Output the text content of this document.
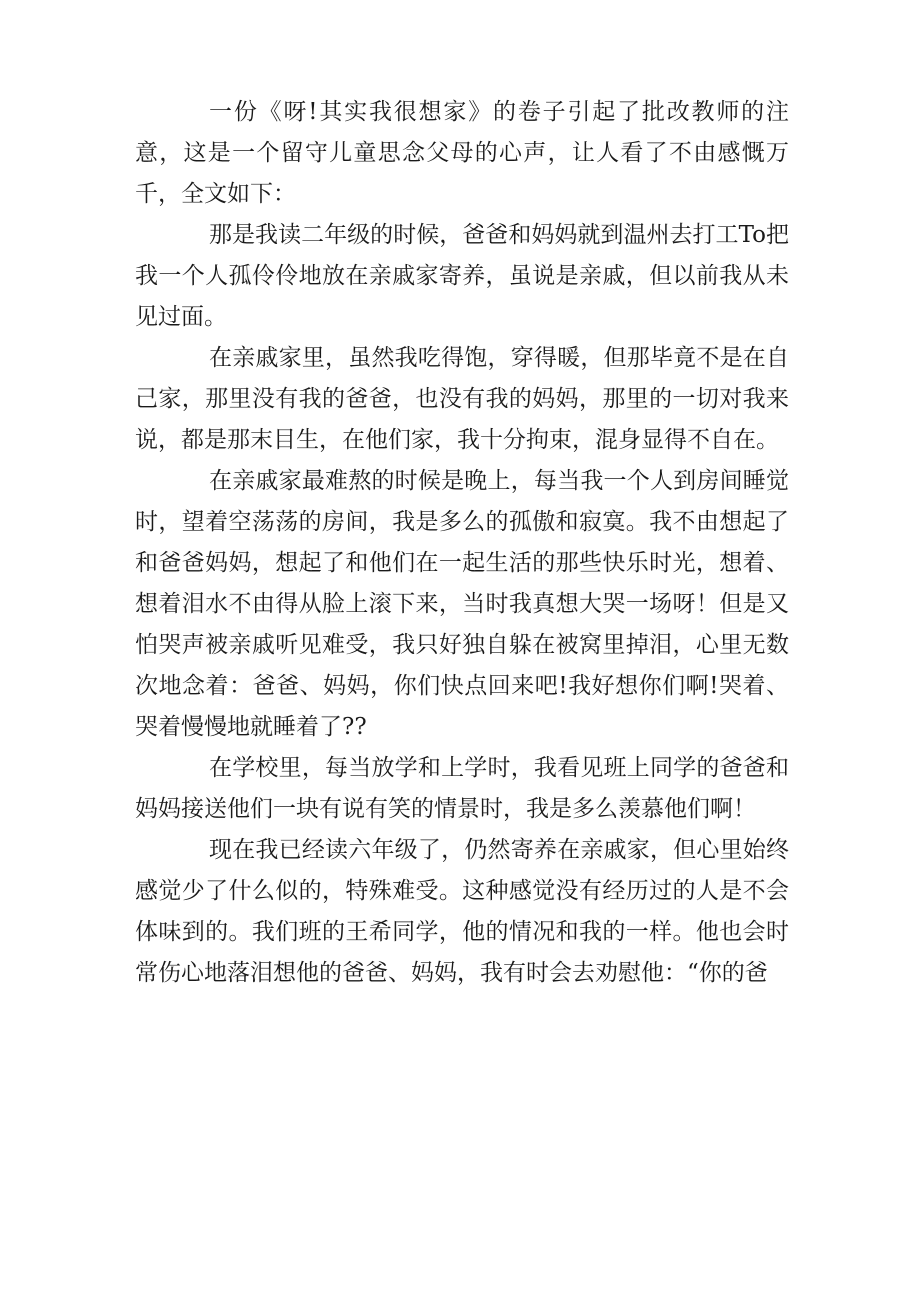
一份《呀!其实我很想家》的卷子引起了批改教师的注意，这是一个留守儿童思念父母的心声，让人看了不由感慨万千，全文如下：

那是我读二年级的时候，爸爸和妈妈就到温州去打工To把我一个人孤伶伶地放在亲戚家寄养，虽说是亲戚，但以前我从未见过面。

在亲戚家里，虽然我吃得饱，穿得暖，但那毕竟不是在自己家，那里没有我的爸爸，也没有我的妈妈，那里的一切对我来说，都是那末目生，在他们家，我十分拘束，混身显得不自在。

在亲戚家最难熬的时候是晚上，每当我一个人到房间睡觉时，望着空荡荡的房间，我是多么的孤傲和寂寞。我不由想起了和爸爸妈妈，想起了和他们在一起生活的那些快乐时光，想着、想着泪水不由得从脸上滚下来，当时我真想大哭一场呀！但是又怕哭声被亲戚听见难受，我只好独自躲在被窝里掉泪，心里无数次地念着：爸爸、妈妈，你们快点回来吧!我好想你们啊!哭着、哭着慢慢地就睡着了??

在学校里，每当放学和上学时，我看见班上同学的爸爸和妈妈接送他们一块有说有笑的情景时，我是多么羡慕他们啊！

现在我已经读六年级了，仍然寄养在亲戚家，但心里始终感觉少了什么似的，特殊难受。这种感觉没有经历过的人是不会体味到的。我们班的王希同学，他的情况和我的一样。他也会时常伤心地落泪想他的爸爸、妈妈，我有时会去劝慰他：“你的爸
